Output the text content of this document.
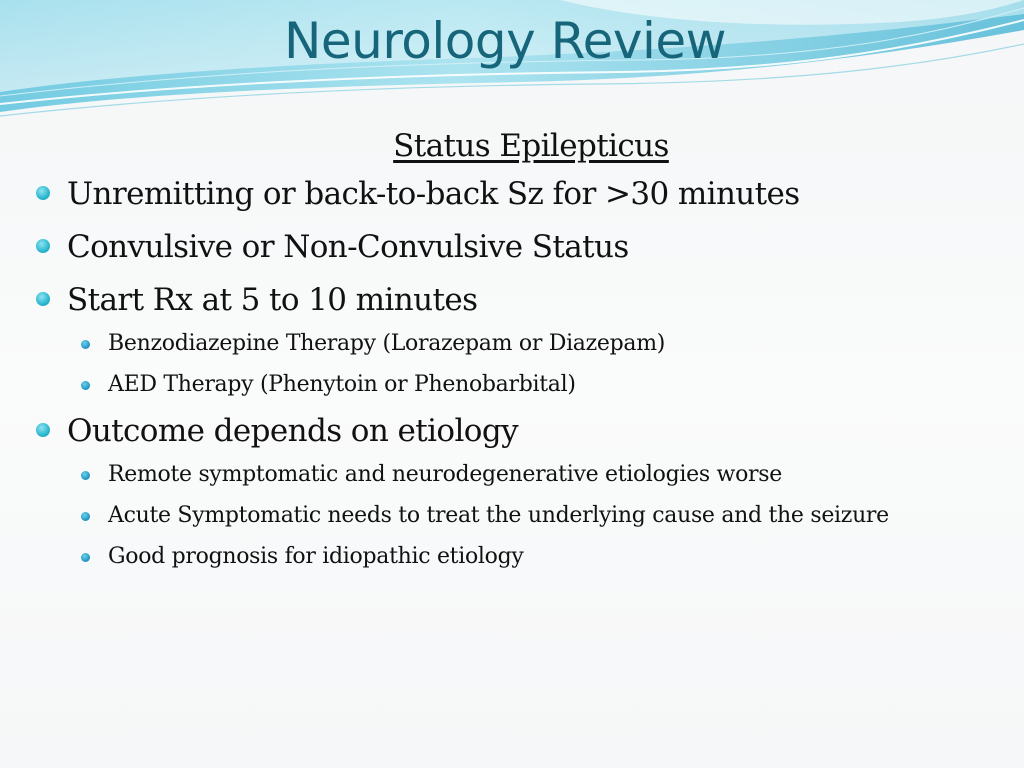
Neurology Review
Status Epilepticus
Unremitting or back-to-back Sz for >30 minutes
Convulsive or Non-Convulsive Status
Start Rx at 5 to 10 minutes
Benzodiazepine Therapy (Lorazepam or Diazepam)
AED Therapy (Phenytoin or Phenobarbital)
Outcome depends on etiology
Remote symptomatic and neurodegenerative etiologies worse
Acute Symptomatic needs to treat the underlying cause and the seizure
Good prognosis for idiopathic etiology
